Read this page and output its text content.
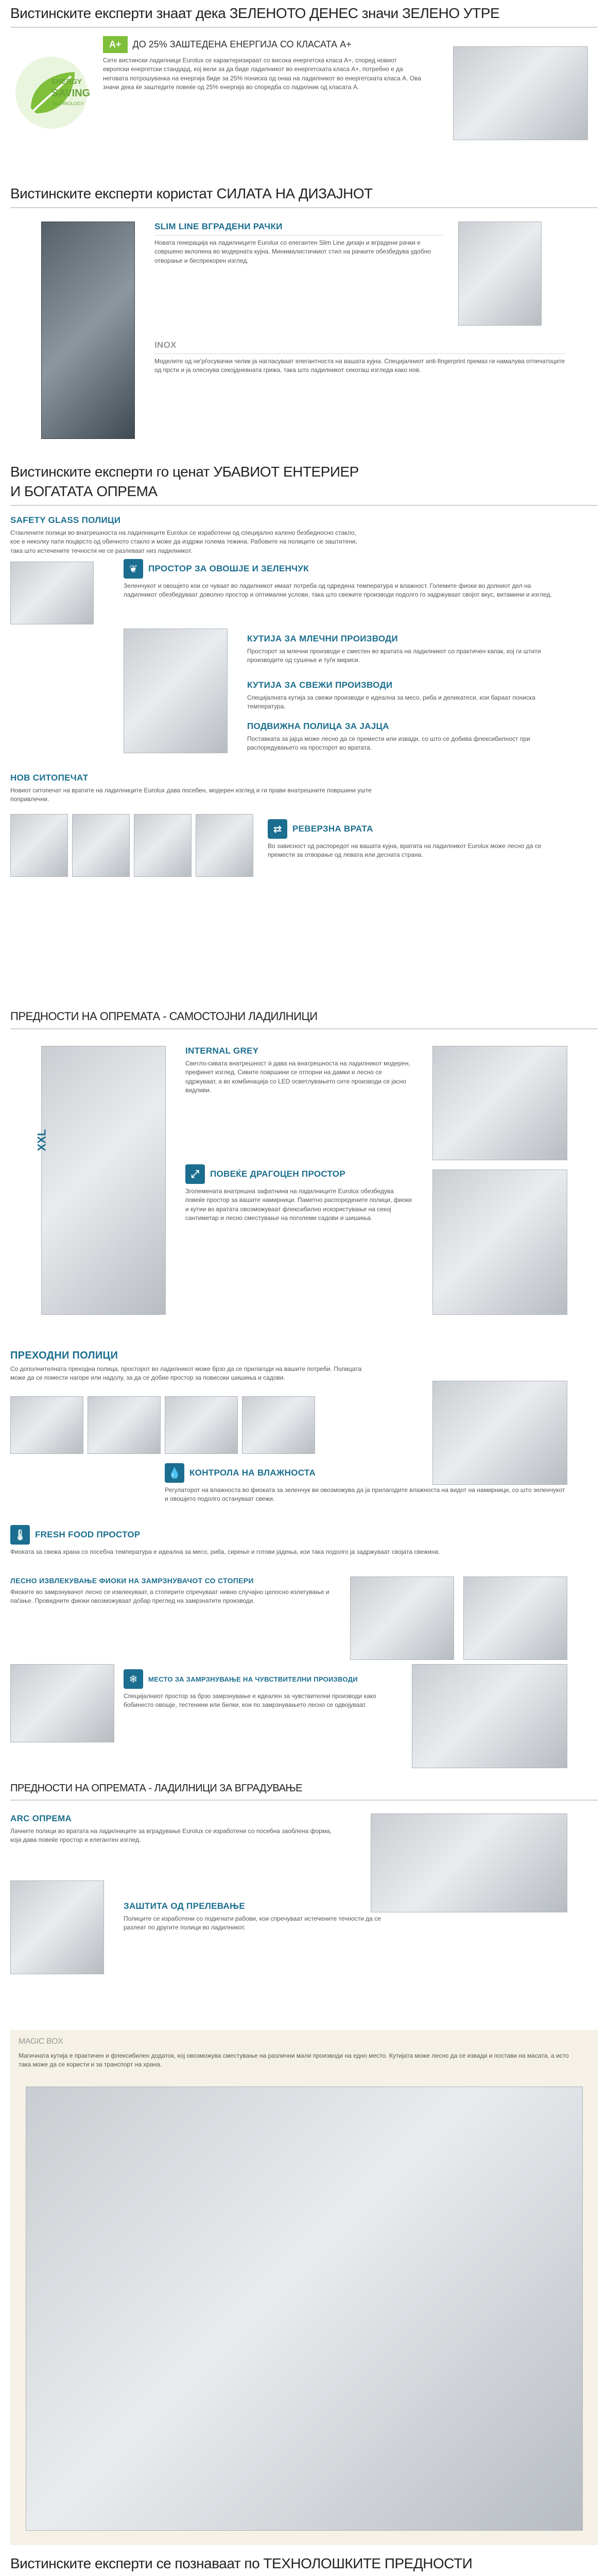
Вистинските експерти знаат дека ЗЕЛЕНОТО ДЕНЕС значи ЗЕЛЕНО УТРЕ
ENERGY
SAVING
TECHNOLOGY
A+	ДО 25% ЗАШТЕДЕНА ЕНЕРГИЈА СО КЛАСАТА А+
Сите вистински ладилници Eurolux се карактеризираат со висока енергетска класа А+, според новиот европски енергетски стандард, кој вели за да биде ладилникот во енергетската класа А+, потребно е да неговата потрошувачка на енергија биде за 25% пониска од онаа на ладилникот во енергетската класа А. Ова значи дека ќе заштедите повеќе од 25% енергија во споредба со ладилник од класата А.
Вистинските експерти користат СИЛАТА НА ДИЗАЈНОТ
SLIM LINE ВГРАДЕНИ РАЧКИ
Новата генерација на ладилниците Eurolux со елегантен Slim Line дизајн и вградени рачки е совршено вклопена во модерната кујна. Минималистичкиот стил на рачките обезбедува удобно отворање и беспрекорен изглед.
INOX
Моделите од не'рѓосувачки челик ја нагласуваат елегантноста на вашата кујна. Специјалниот anti-fingerprint премаз ги намалува отпечатоците од прсти и ја олеснува секојдневната грижа, така што ладилникот секогаш изгледа како нов.
Вистинските експерти го ценат УБАВИОТ ЕНТЕРИЕР
И БОГАТАТА ОПРЕМА
SAFETY GLASS ПОЛИЦИ
Стаклените полици во внатрешноста на ладилниците Eurolux се изработени од специјално калено безбедносно стакло, кое е неколку пати поцврсто од обичното стакло и може да издржи голема тежина. Рабовите на полиците се заштитени, така што истечените течности не се разлеваат низ ладилникот.
❦	ПРОСТОР ЗА ОВОШЈЕ И ЗЕЛЕНЧУК
Зеленчукот и овошјето кои се чуваат во ладилникот имаат потреба од одредена температура и влажност. Големите фиоки во долниот дел на ладилникот обезбедуваат доволно простор и оптимални услови, така што свежите производи подолго го задржуваат својот вкус, витамини и изглед.
КУТИЈА ЗА МЛЕЧНИ ПРОИЗВОДИ
Просторот за млечни производи е сместен во вратата на ладилникот со практичен капак, кој ги штити производите од сушење и туѓи мириси.
КУТИЈА ЗА СВЕЖИ ПРОИЗВОДИ
Специјалната кутија за свежи производи е идеална за месо, риба и деликатеси, кои бараат пониска температура.
ПОДВИЖНА ПОЛИЦА ЗА ЈАЈЦА
Поставката за јајца може лесно да се премести или извади, со што се добива флексибилност при распоредувањето на просторот во вратата.
НОВ СИТОПЕЧАТ
Новиот ситопечат на вратите на ладилниците Eurolux дава посебен, модерен изглед и ги прави внатрешните површини уште попривлечни.
⇄	РЕВЕРЗНА ВРАТА
Во зависност од распоредот на вашата кујна, вратата на ладилникот Eurolux може лесно да се премести за отворање од левата или десната страна.
ПРЕДНОСТИ НА ОПРЕМАТА - САМОСТОЈНИ ЛАДИЛНИЦИ
XXL
INTERNAL GREY
Светло-сивата внатрешност ѝ дава на внатрешноста на ладилникот модерен, префинет изглед. Сивите површини се отпорни на дамки и лесно се одржуваат, а во комбинација со LED осветлувањето сите производи се јасно видливи.
⤢	ПОВЕЌЕ ДРАГОЦЕН ПРОСТОР
Зголемената внатрешна зафатнина на ладилниците Eurolux обезбедува повеќе простор за вашите намирници. Паметно распоредените полици, фиоки и кутии во вратата овозможуваат флексибилно искористување на секој сантиметар и лесно сместување на поголеми садови и шишиња.
ПРЕХОДНИ ПОЛИЦИ
Со дополнителната преходна полица, просторот во ладилникот може брзо да се прилагоди на вашите потреби. Полицата може да се помести нагоре или надолу, за да се добие простор за повисоки шишиња и садови.
💧 КОНТРОЛА НА ВЛАЖНОСТА
Регулаторот на влажноста во фиоката за зеленчук ви овозможува да ја прилагодите влажноста на видот на намирници, со што зеленчукот и овошјето подолго остануваат свежи.
🌡 FRESH FOOD ПРОСТОР
Фиоката за свежа храна со посебна температура е идеална за месо, риба, сирење и готови јадења, кои така подолго ја задржуваат својата свежина.
ЛЕСНО ИЗВЛЕКУВАЊЕ ФИОКИ НА ЗАМРЗНУВАЧОТ СО СТОПЕРИ
Фиоките во замрзнувачот лесно се извлекуваат, а стоперите спречуваат нивно случајно целосно излегување и паѓање. Провидните фиоки овозможуваат добар преглед на замрзнатите производи.
❄	МЕСТО ЗА ЗАМРЗНУВАЊЕ НА ЧУВСТВИТЕЛНИ ПРОИЗВОДИ
Специјалниот простор за брзо замрзнување е идеален за чувствителни производи како бобинесто овошје, тестенини или билки, кои по замрзнувањето лесно се одвојуваат.
ПРЕДНОСТИ НА ОПРЕМАТА - ЛАДИЛНИЦИ ЗА ВГРАДУВАЊЕ
ARC ОПРЕМА
Лачните полици во вратата на ладилниците за вградување Eurolux се изработени со посебна заоблена форма, која дава повеќе простор и елегантен изглед.
ЗАШТИТА ОД ПРЕЛЕВАЊЕ
Полиците се изработени со подигнати рабови, кои спречуваат истечените течности да се разлеат по другите полици во ладилникот.
MAGIC BOX
Магичната кутија е практичен и флексибилен додаток, кој овозможува сместување на различни мали производи на едно место. Кутијата може лесно да се извади и постави на масата, а исто така може да се користи и за транспорт на храна.
Вистинските експерти се познаваат по ТЕХНОЛОШКИТЕ ПРЕДНОСТИ
